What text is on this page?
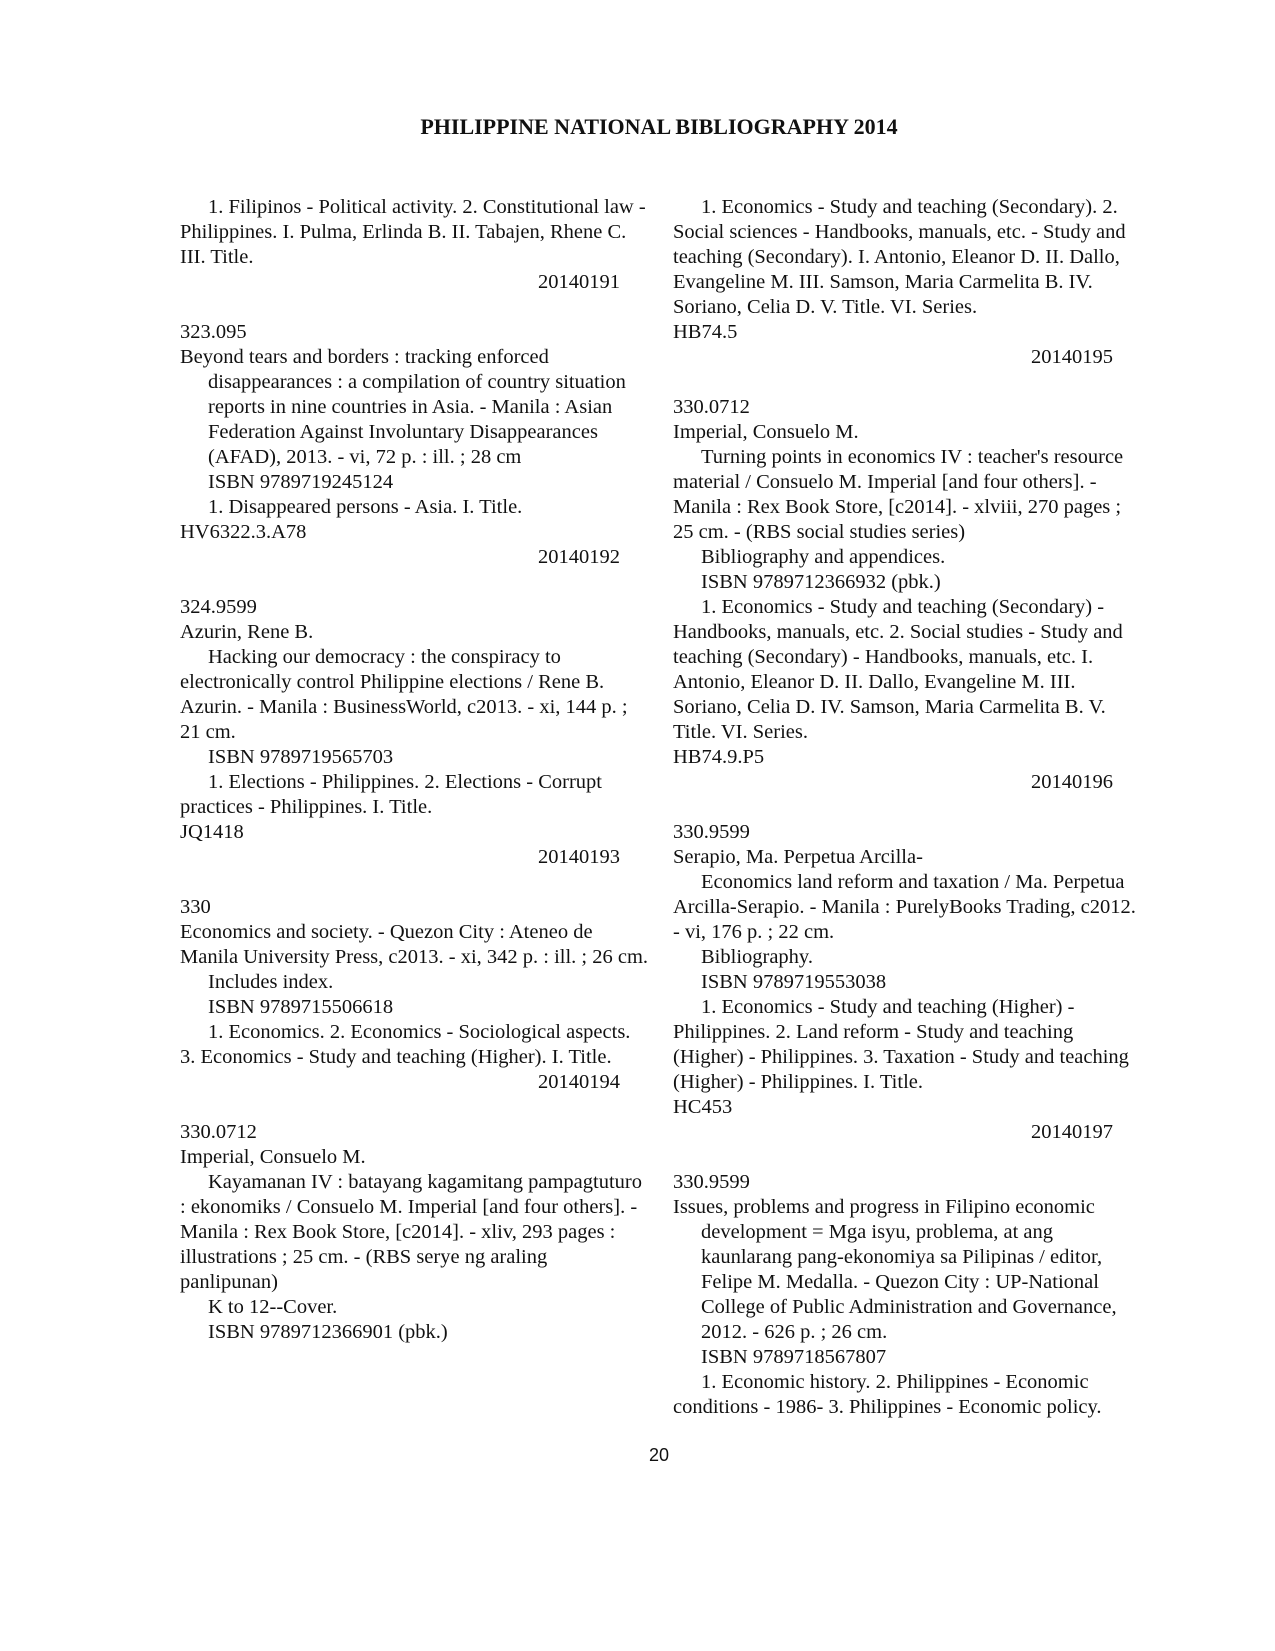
PHILIPPINE NATIONAL BIBLIOGRAPHY 2014

1. Filipinos - Political activity. 2. Constitutional law - Philippines. I. Pulma, Erlinda B. II. Tabajen, Rhene C. III. Title.

20140191

323.095

Beyond tears and borders : tracking enforced disappearances : a compilation of country situation reports in nine countries in Asia. - Manila : Asian Federation Against Involuntary Disappearances (AFAD), 2013. - vi, 72 p. : ill. ; 28 cm

ISBN 9789719245124

1. Disappeared persons - Asia. I. Title.

HV6322.3.A78

20140192

324.9599

Azurin, Rene B.

Hacking our democracy : the conspiracy to electronically control Philippine elections / Rene B. Azurin. - Manila : BusinessWorld, c2013. - xi, 144 p. ; 21 cm.

ISBN 9789719565703

1. Elections - Philippines. 2. Elections - Corrupt practices - Philippines. I. Title.

JQ1418

20140193

330

Economics and society. - Quezon City : Ateneo de Manila University Press, c2013. - xi, 342 p. : ill. ; 26 cm.

Includes index.

ISBN 9789715506618

1. Economics. 2. Economics - Sociological aspects. 3. Economics - Study and teaching (Higher). I. Title.

20140194

330.0712

Imperial, Consuelo M.

Kayamanan IV : batayang kagamitang pampagtuturo : ekonomiks / Consuelo M. Imperial [and four others]. - Manila : Rex Book Store, [c2014]. - xliv, 293 pages : illustrations ; 25 cm. - (RBS serye ng araling panlipunan)

K to 12--Cover.

ISBN 9789712366901 (pbk.)

1. Economics - Study and teaching (Secondary). 2. Social sciences - Handbooks, manuals, etc. - Study and teaching (Secondary). I. Antonio, Eleanor D. II. Dallo, Evangeline M. III. Samson, Maria Carmelita B. IV. Soriano, Celia D. V. Title. VI. Series.

HB74.5

20140195

330.0712

Imperial, Consuelo M.

Turning points in economics IV : teacher's resource material / Consuelo M. Imperial [and four others]. - Manila : Rex Book Store, [c2014]. - xlviii, 270 pages ; 25 cm. - (RBS social studies series)

Bibliography and appendices.

ISBN 9789712366932 (pbk.)

1. Economics - Study and teaching (Secondary) - Handbooks, manuals, etc. 2. Social studies - Study and teaching (Secondary) - Handbooks, manuals, etc. I. Antonio, Eleanor D. II. Dallo, Evangeline M. III. Soriano, Celia D. IV. Samson, Maria Carmelita B. V. Title. VI. Series.

HB74.9.P5

20140196

330.9599

Serapio, Ma. Perpetua Arcilla-

Economics land reform and taxation / Ma. Perpetua Arcilla-Serapio. - Manila : PurelyBooks Trading, c2012. - vi, 176 p. ; 22 cm.

Bibliography.

ISBN 9789719553038

1. Economics - Study and teaching (Higher) - Philippines. 2. Land reform - Study and teaching (Higher) - Philippines. 3. Taxation - Study and teaching (Higher) - Philippines. I. Title.

HC453

20140197

330.9599

Issues, problems and progress in Filipino economic development = Mga isyu, problema, at ang kaunlarang pang-ekonomiya sa Pilipinas / editor, Felipe M. Medalla. - Quezon City : UP-National College of Public Administration and Governance, 2012. - 626 p. ; 26 cm.

ISBN 9789718567807

1. Economic history. 2. Philippines - Economic conditions - 1986- 3. Philippines - Economic policy.

20
